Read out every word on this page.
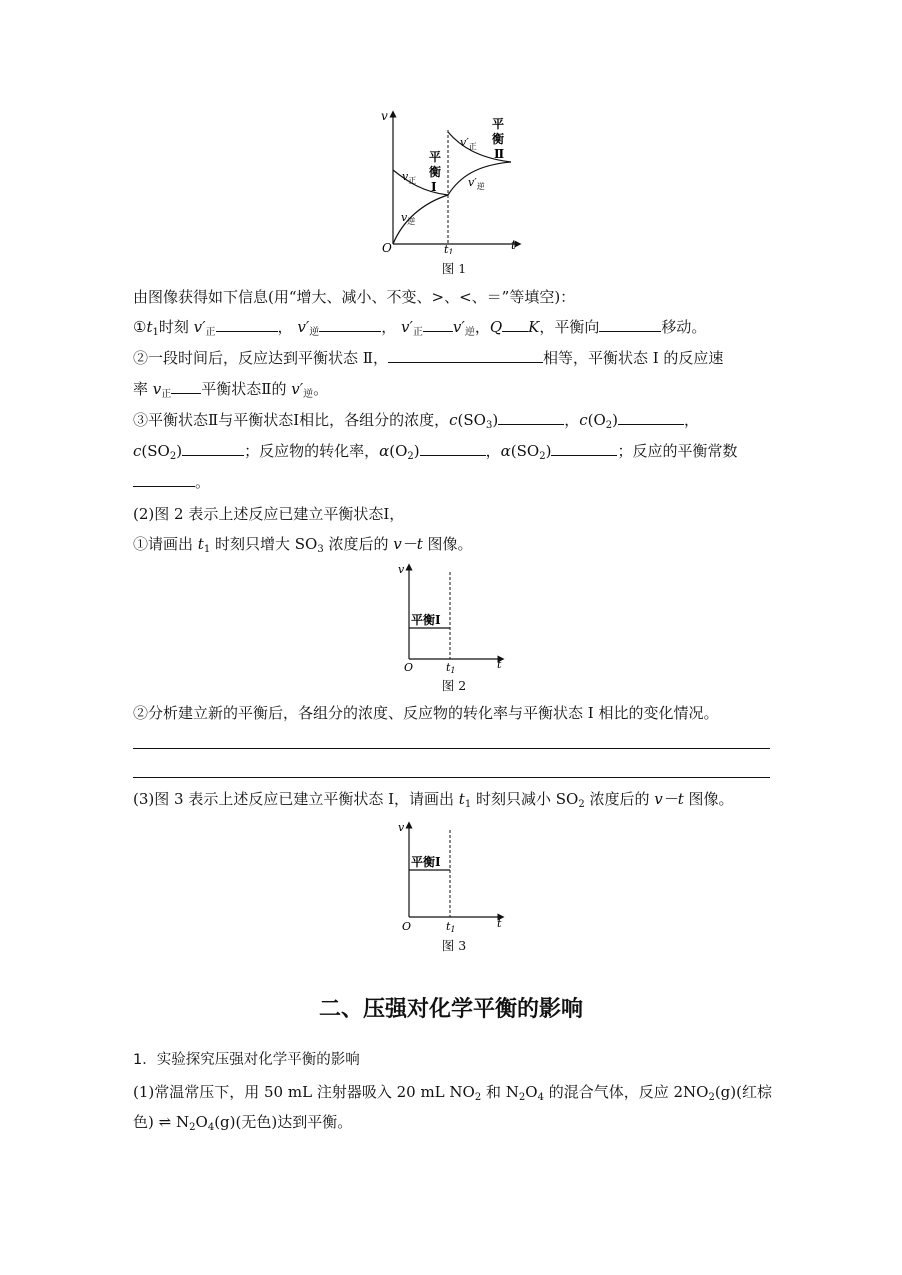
v
t
O	t1
$v_正$
$v_逆$
$v'_正$
$v'_逆$
平
衡
Ⅰ
平
衡
Ⅱ
图 1
由图像获得如下信息(用“增大、减小、不变、>、<、＝”等填空)：
$①t_1$时刻 $v'_正$	， $v'_逆$	， $v'_正$ $v'_逆$，Q K，平衡向	移动。
②一段时间后，反应达到平衡状态 Ⅱ，	相等，平衡状态 Ⅰ 的反应速
率 $v_正$ 平衡状态Ⅱ的 $v'_逆$。
③平衡状态Ⅱ与平衡状态Ⅰ相比，各组分的浓度，$c(SO_3)$	，$c(O_2)$	，
$c(SO_2)$	；反应物的转化率，$\alpha(O_2)$	，$\alpha(SO_2)$	；反应的平衡常数
。
(2)图 2 表示上述反应已建立平衡状态Ⅰ，
①请画出 $t_1$ 时刻只增大 $SO_3$ 浓度后的 v－t 图像。
v
t
O	t1
平衡Ⅰ
图 2
②分析建立新的平衡后，各组分的浓度、反应物的转化率与平衡状态 Ⅰ 相比的变化情况。
(3)图 3 表示上述反应已建立平衡状态 Ⅰ，请画出 $t_1$ 时刻只减小 $SO_2$ 浓度后的 v－t 图像。
v
t
O	t1
平衡Ⅰ
图 3
二、压强对化学平衡的影响
1．实验探究压强对化学平衡的影响
(1)常温常压下，用 50 mL 注射器吸入 20 mL $NO_2$ 和 $N_2O_4$ 的混合气体，反应 $2NO_2(g)$(红棕
色) ⇌ $N_2O_4(g)$(无色)达到平衡。
